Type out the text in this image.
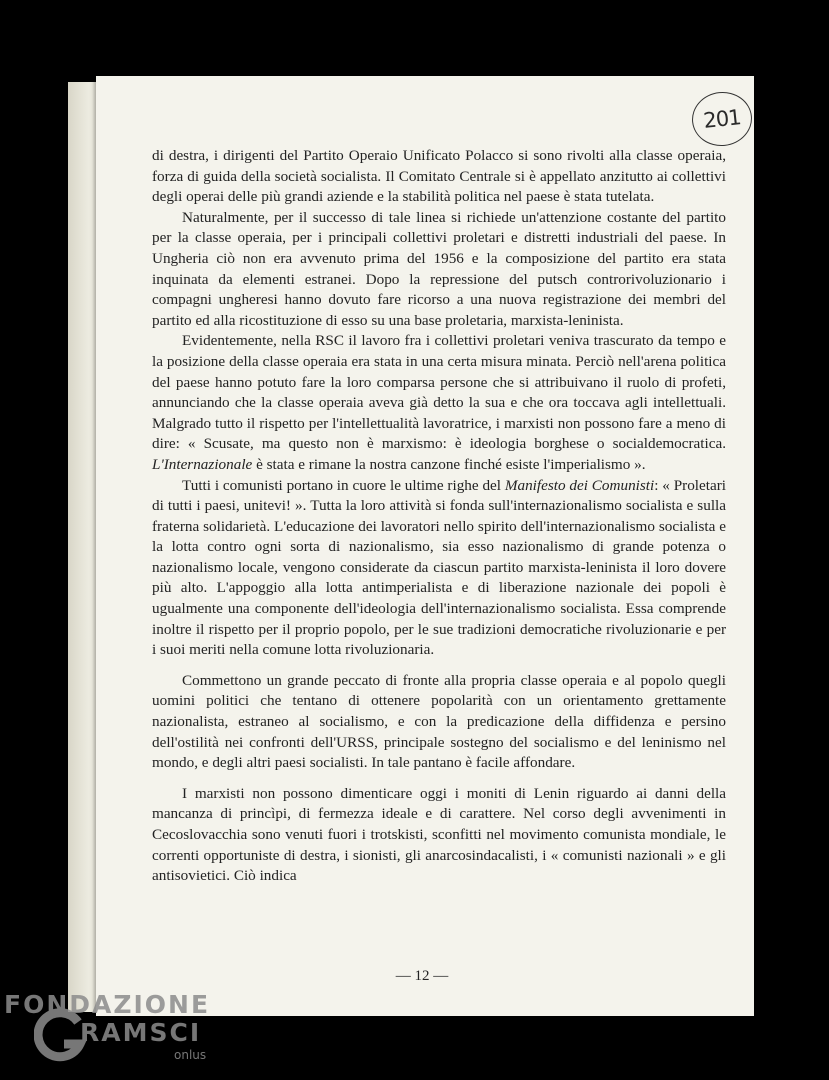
201

di destra, i dirigenti del Partito Operaio Unificato Polacco si sono rivolti alla classe operaia, forza di guida della società socialista. Il Comitato Centrale si è appellato anzitutto ai collettivi degli operai delle più grandi aziende e la stabilità politica nel paese è stata tutelata.

Naturalmente, per il successo di tale linea si richiede un'attenzione costante del partito per la classe operaia, per i principali collettivi proletari e distretti industriali del paese. In Ungheria ciò non era avvenuto prima del 1956 e la composizione del partito era stata inquinata da elementi estranei. Dopo la repressione del putsch controrivoluzionario i compagni ungheresi hanno dovuto fare ricorso a una nuova registrazione dei membri del partito ed alla ricostituzione di esso su una base proletaria, marxista-leninista.

Evidentemente, nella RSC il lavoro fra i collettivi proletari veniva trascurato da tempo e la posizione della classe operaia era stata in una certa misura minata. Perciò nell'arena politica del paese hanno potuto fare la loro comparsa persone che si attribuivano il ruolo di profeti, annunciando che la classe operaia aveva già detto la sua e che ora toccava agli intellettuali. Malgrado tutto il rispetto per l'intellettualità lavoratrice, i marxisti non possono fare a meno di dire: « Scusate, ma questo non è marxismo: è ideologia borghese o socialdemocratica. L'Internazionale è stata e rimane la nostra canzone finché esiste l'imperialismo ».

Tutti i comunisti portano in cuore le ultime righe del Manifesto dei Comunisti: « Proletari di tutti i paesi, unitevi! ». Tutta la loro attività si fonda sull'internazionalismo socialista e sulla fraterna solidarietà. L'educazione dei lavoratori nello spirito dell'internazionalismo socialista e la lotta contro ogni sorta di nazionalismo, sia esso nazionalismo di grande potenza o nazionalismo locale, vengono considerate da ciascun partito marxista-leninista il loro dovere più alto. L'appoggio alla lotta antimperialista e di liberazione nazionale dei popoli è ugualmente una componente dell'ideologia dell'internazionalismo socialista. Essa comprende inoltre il rispetto per il proprio popolo, per le sue tradizioni democratiche rivoluzionarie e per i suoi meriti nella comune lotta rivoluzionaria.

Commettono un grande peccato di fronte alla propria classe operaia e al popolo quegli uomini politici che tentano di ottenere popolarità con un orientamento grettamente nazionalista, estraneo al socialismo, e con la predicazione della diffidenza e persino dell'ostilità nei confronti dell'URSS, principale sostegno del socialismo e del leninismo nel mondo, e degli altri paesi socialisti. In tale pantano è facile affondare.

I marxisti non possono dimenticare oggi i moniti di Lenin riguardo ai danni della mancanza di princìpi, di fermezza ideale e di carattere. Nel corso degli avvenimenti in Cecoslovacchia sono venuti fuori i trotskisti, sconfitti nel movimento comunista mondiale, le correnti opportuniste di destra, i sionisti, gli anarcosindacalisti, i « comunisti nazionali » e gli antisovietici. Ciò indica

— 12 —
FONDAZIONE
RAMSCI
onlus
